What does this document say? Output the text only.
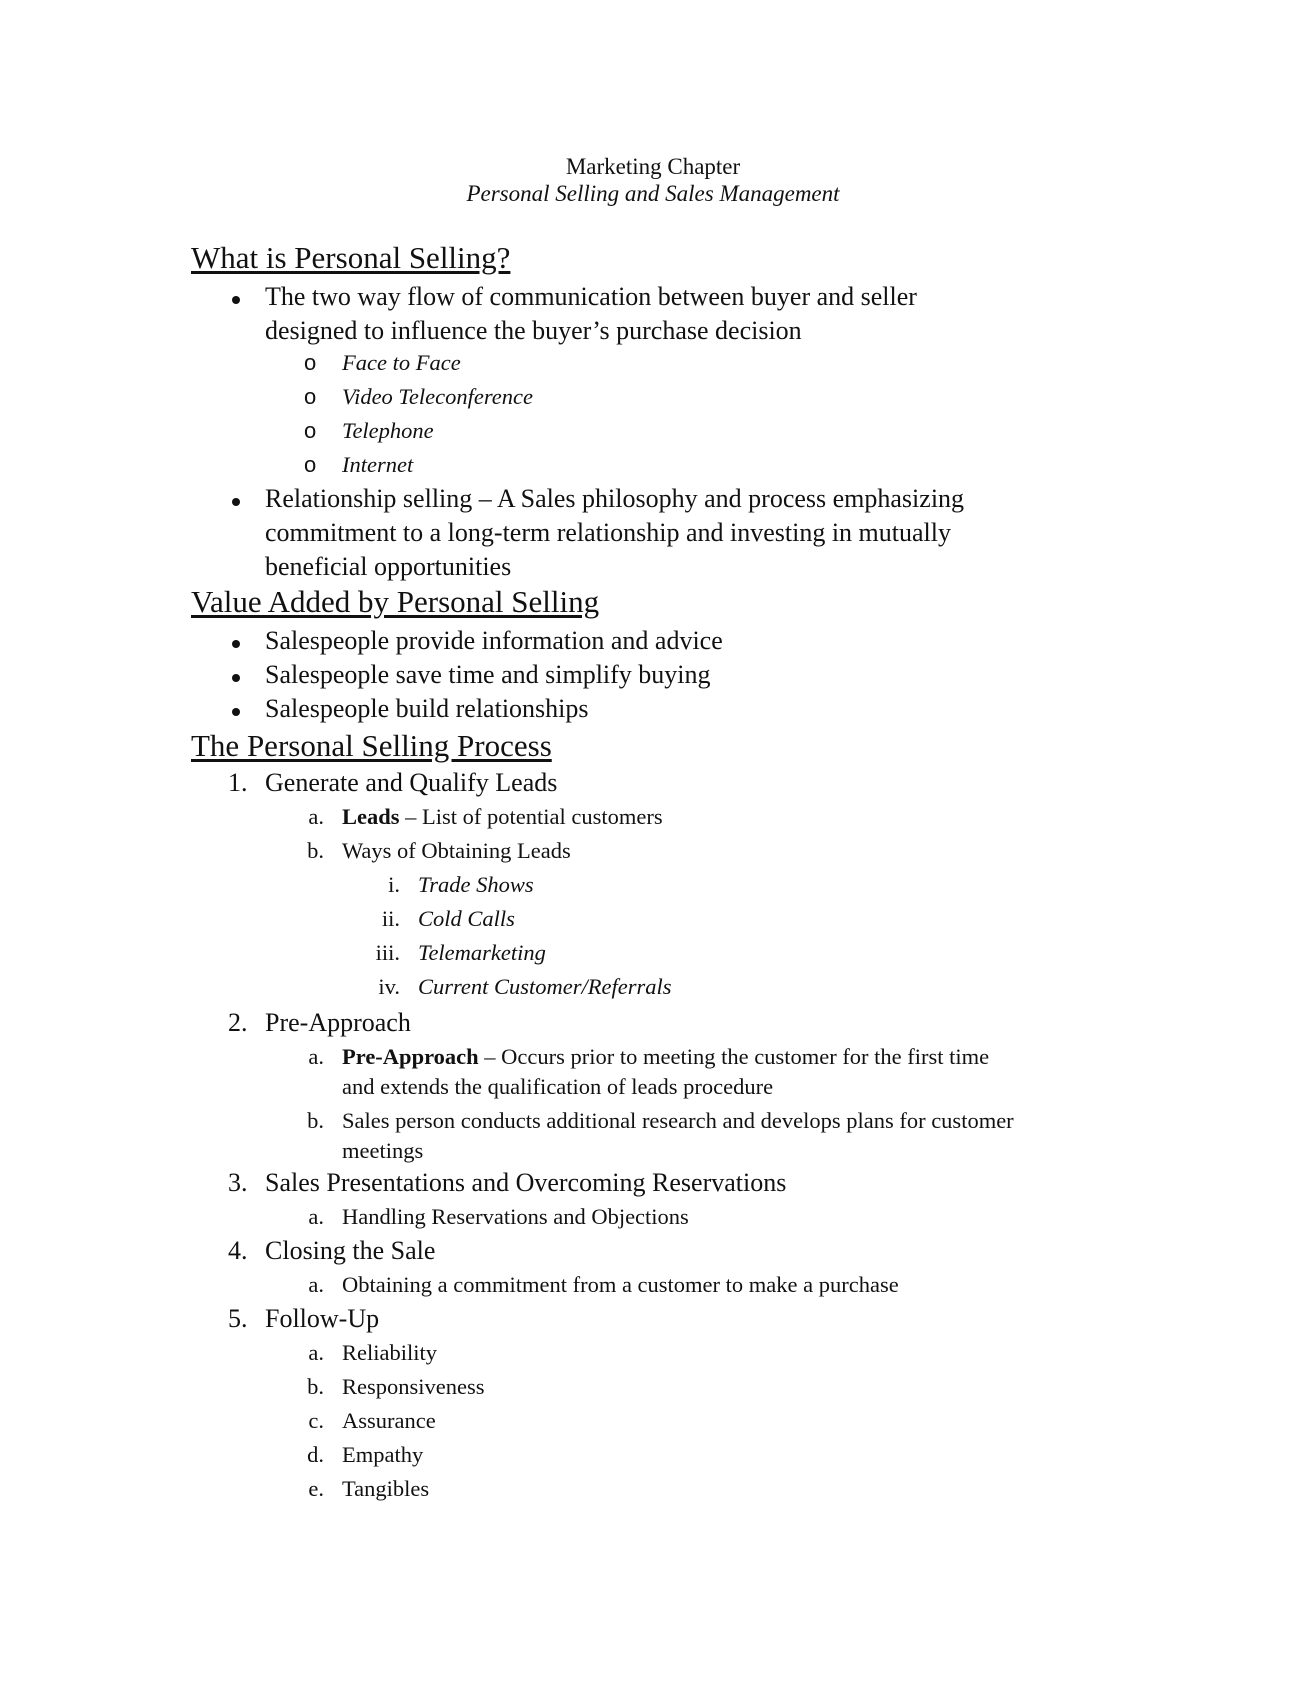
Marketing Chapter
Personal Selling and Sales Management
What is Personal Selling?
The two way flow of communication between buyer and seller
designed to influence the buyer’s purchase decision
o Face to Face
o Video Teleconference
o Telephone
o Internet
Relationship selling – A Sales philosophy and process emphasizing
commitment to a long-term relationship and investing in mutually
beneficial opportunities
Value Added by Personal Selling
Salespeople provide information and advice
Salespeople save time and simplify buying
Salespeople build relationships
The Personal Selling Process
1. Generate and Qualify Leads
a. Leads – List of potential customers
b. Ways of Obtaining Leads
i. Trade Shows
ii. Cold Calls
iii. Telemarketing
iv. Current Customer/Referrals
2. Pre-Approach
a. Pre-Approach – Occurs prior to meeting the customer for the first time
and extends the qualification of leads procedure
b. Sales person conducts additional research and develops plans for customer
meetings
3. Sales Presentations and Overcoming Reservations
a. Handling Reservations and Objections
4. Closing the Sale
a. Obtaining a commitment from a customer to make a purchase
5. Follow-Up
a. Reliability
b. Responsiveness
c. Assurance
d. Empathy
e. Tangibles
